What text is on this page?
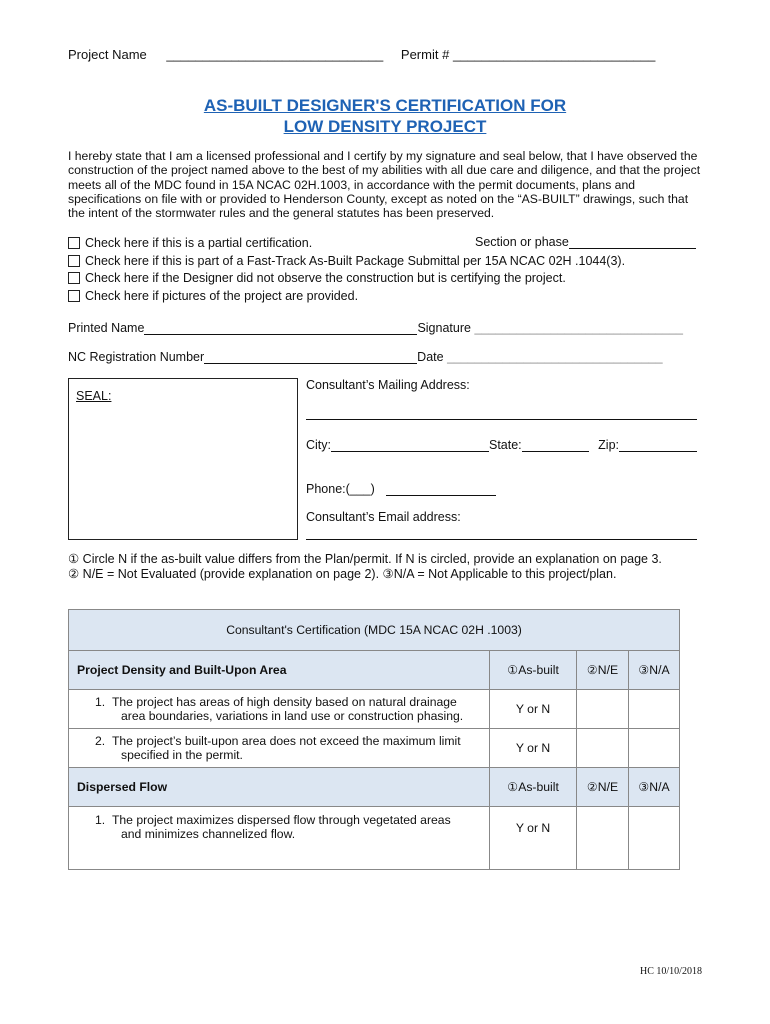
Project Name ______________________________ Permit # ____________________________
AS-BUILT DESIGNER'S CERTIFICATION FOR
LOW DENSITY PROJECT
I hereby state that I am a licensed professional and I certify by my signature and seal below, that I have observed the construction of the project named above to the best of my abilities with all due care and diligence, and that the project meets all of the MDC found in 15A NCAC 02H.1003, in accordance with the permit documents, plans and specifications on file with or provided to Henderson County, except as noted on the “AS-BUILT” drawings, such that the intent of the stormwater rules and the general statutes has been preserved.
Check here if this is a partial certification.
Check here if this is part of a Fast-Track As-Built Package Submittal per 15A NCAC 02H .1044(3).
Check here if the Designer did not observe the construction but is certifying the project.
Check here if pictures of the project are provided.
Section or phase
Printed Name	Signature ______________________________
NC Registration Number	Date _______________________________
SEAL:
Consultant’s Mailing Address:
City:	State:	Zip:
Phone:(___)
Consultant’s Email address:
① Circle N if the as-built value differs from the Plan/permit. If N is circled, provide an explanation on page 3.
② N/E = Not Evaluated (provide explanation on page 2). ③N/A = Not Applicable to this project/plan.
Consultant's Certification (MDC 15A NCAC 02H .1003)			
Project Density and Built-Upon Area	①As-built	②N/E	③N/A

1. The project has areas of high density based on natural drainage
area boundaries, variations in land use or construction phasing.	Y or N		

2. The project’s built-upon area does not exceed the maximum limit
specified in the permit.	Y or N		
Dispersed Flow	①As-built	②N/E	③N/A

1. The project maximizes dispersed flow through vegetated areas
and minimizes channelized flow.	Y or N		
HC 10/10/2018
